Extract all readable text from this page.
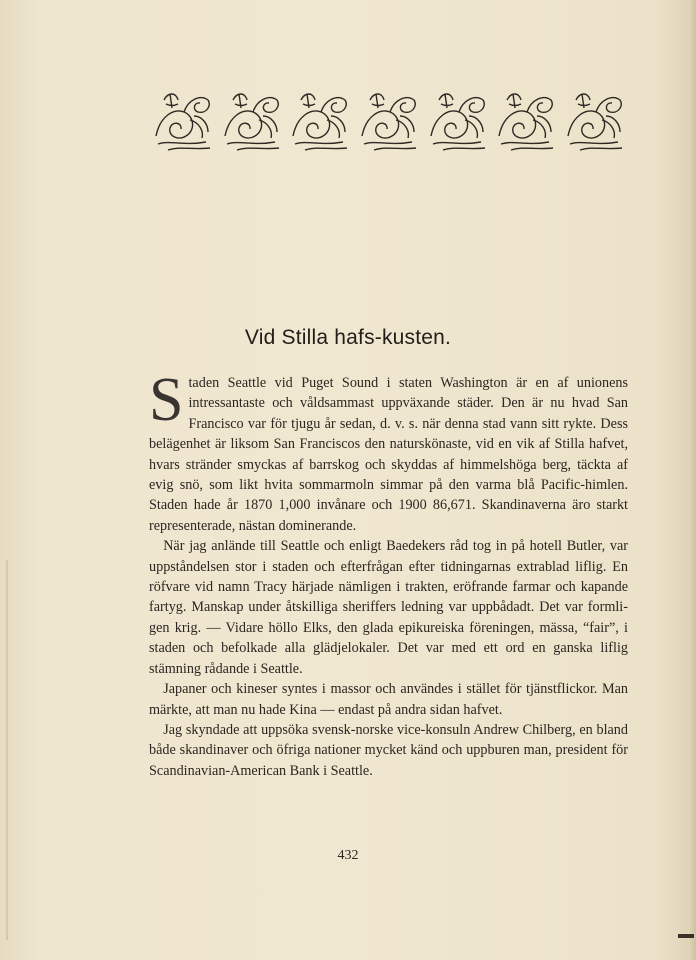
Vid Stilla hafs-kusten.

Staden Seattle vid Puget Sound i staten Washington är en af unionens intressantaste och våldsammast uppväxande städer. Den är nu hvad San Francisco var för tjugu år sedan, d. v. s. när denna stad vann sitt rykte. Dess belägenhet är liksom San Franciscos den naturskönaste, vid en vik af Stilla hafvet, hvars stränder smyckas af barrskog och skyddas af himmelshöga berg, täckta af evig snö, som likt hvita sommarmoln simmar på den varma blå Pacific-himlen. Staden hade år 1870 1,000 invånare och 1900 86,671. Skandinaverna äro starkt representerade, nästan dominerande.

När jag anlände till Seattle och enligt Baedekers råd tog in på hotell Butler, var uppståndelsen stor i staden och efterfrågan efter tidningarnas extrablad liflig. En röfvare vid namn Tracy härjade nämligen i trakten, eröfrande farmar och kapande fartyg. Manskap under åtskilliga sheriffers ledning var uppbådadt. Det var formligen krig. — Vidare höllo Elks, den glada epikureiska föreningen, mässa, “fair”, i staden och befolkade alla glädjelokaler. Det var med ett ord en ganska liflig stämning rådande i Seattle.

Japaner och kineser syntes i massor och användes i stället för tjänstflickor. Man märkte, att man nu hade Kina — endast på andra sidan hafvet.

Jag skyndade att uppsöka svensk-norske vice-konsuln Andrew Chilberg, en bland både skandinaver och öfriga nationer mycket känd och uppburen man, president för Scandinavian-American Bank i Seattle.

432
